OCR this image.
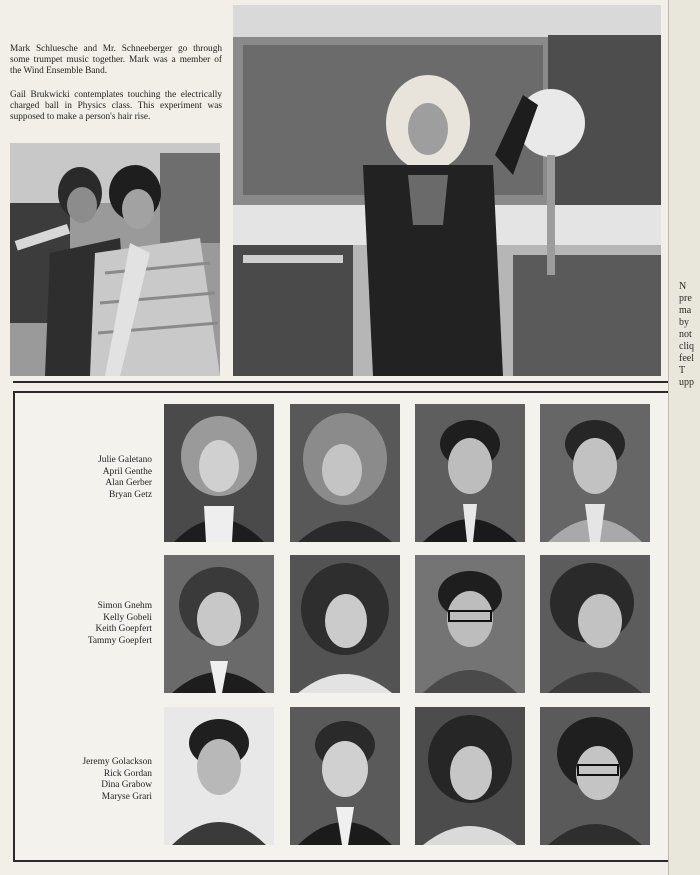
Mark Schluesche and Mr. Schneeberger go through some trumpet music together. Mark was a member of the Wind Ensemble Band.
Gail Brukwicki contemplates touching the electrically charged ball in Physics class. This experiment was supposed to make a person's hair rise.
Julie Galetano
April Genthe
Alan Gerber
Bryan Getz
Simon Gnehm
Kelly Gobeli
Keith Goepfert
Tammy Goepfert
Jeremy Golackson
Rick Gordan
Dina Grabow
Maryse Grari
N
pre
ma
by
not
cliq
feel
T
upp
